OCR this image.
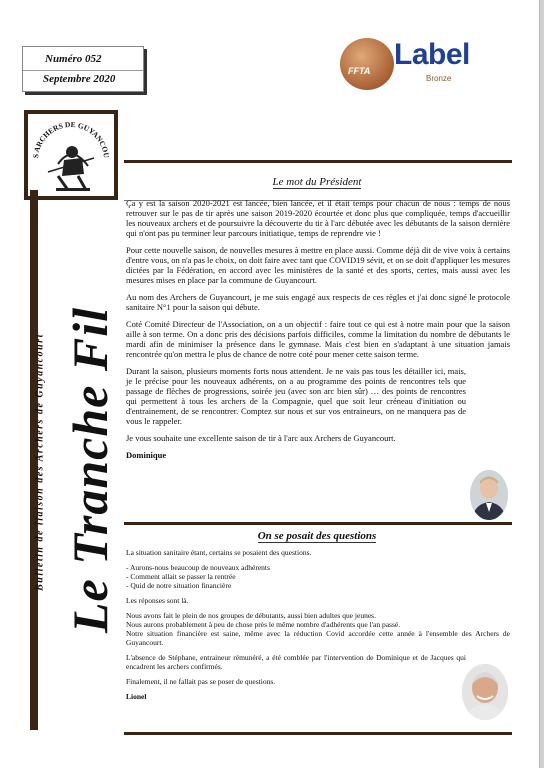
Numéro 052
Septembre 2020
FFTA Label
Bronze
S ARCHERS DE GUYANCOU
Bulletin de liaison des Archers de Guyancourt Le Tranche Fil
Le mot du Président

Ça y est la saison 2020-2021 est lancée, bien lancée, et il était temps pour chacun de nous : temps de nous retrouver sur le pas de tir après une saison 2019-2020 écourtée et donc plus que compliquée, temps d'accueillir les nouveaux archers et de poursuivre la découverte du tir à l'arc débutée avec les débutants de la saison dernière qui n'ont pas pu terminer leur parcours initiatique, temps de reprendre vie !

Pour cette nouvelle saison, de nouvelles mesures à mettre en place aussi. Comme déjà dit de vive voix à certains d'entre vous, on n'a pas le choix, on doit faire avec tant que COVID19 sévit, et on se doit d'appliquer les mesures dictées par la Fédération, en accord avec les ministères de la santé et des sports, certes, mais aussi avec les mesures mises en place par la commune de Guyancourt.

Au nom des Archers de Guyancourt, je me suis engagé aux respects de ces règles et j'ai donc signé le protocole sanitaire N°1 pour la saison qui débute.

Coté Comité Directeur de l'Association, on a un objectif : faire tout ce qui est à notre main pour que la saison aille à son terme. On a donc pris des décisions parfois difficiles, comme la limitation du nombre de débutants le mardi afin de minimiser la présence dans le gymnase. Mais c'est bien en s'adaptant à une situation jamais rencontrée qu'on mettra le plus de chance de notre coté pour mener cette saison terme.

Durant la saison, plusieurs moments forts nous attendent. Je ne vais pas tous les détailler ici, mais, je le précise pour les nouveaux adhérents, on a au programme des points de rencontres tels que passage de flèches de progressions, soirée jeu (avec son arc bien sûr) … des points de rencontres qui permettent à tous les archers de la Compagnie, quel que soit leur créneau d'initiation ou d'entrainement, de se rencontrer. Comptez sur nous et sur vos entraineurs, on ne manquera pas de vous le rappeler.

Je vous souhaite une excellente saison de tir à l'arc aux Archers de Guyancourt.

Dominique
On se posait des questions

La situation sanitaire étant, certains se posaient des questions.

- Aurons-nous beaucoup de nouveaux adhérents
- Comment allait se passer la rentrée
- Quid de notre situation financière

Les réponses sont là.

Nous avons fait le plein de nos groupes de débutants, aussi bien adultes que jeunes.
Nous aurons probablement à peu de chose près le même nombre d'adhérents que l'an passé.
Notre situation financière est saine, même avec la réduction Covid accordée cette année à l'ensemble des Archers de Guyancourt.

L'absence de Stéphane, entraineur rémunéré, a été comblée par l'intervention de Dominique et de Jacques qui encadrent les archers confirmés.

Finalement, il ne fallait pas se poser de questions.

Lionel
